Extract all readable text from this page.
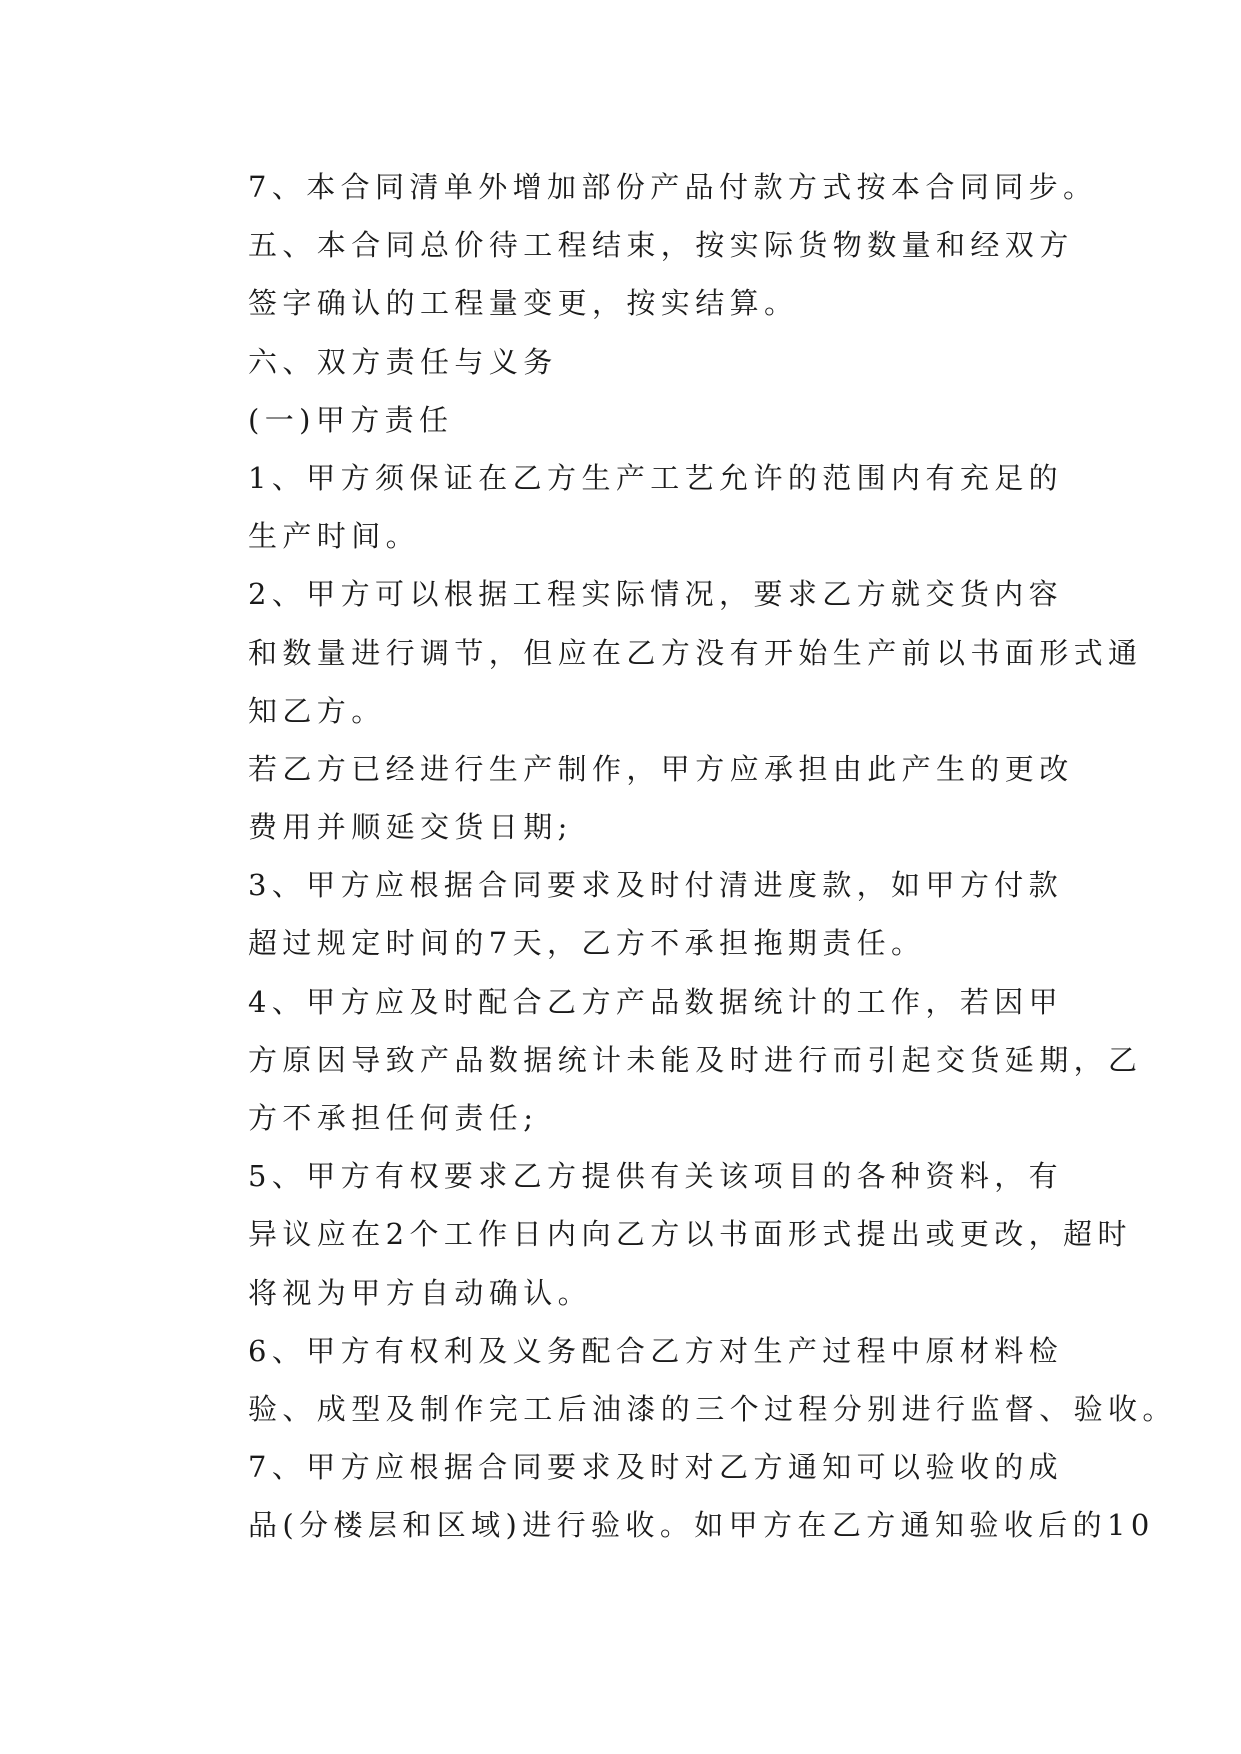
7、本合同清单外增加部份产品付款方式按本合同同步。
五、本合同总价待工程结束，按实际货物数量和经双方
签字确认的工程量变更，按实结算。
六、双方责任与义务
(一)甲方责任
1、甲方须保证在乙方生产工艺允许的范围内有充足的
生产时间。
2、甲方可以根据工程实际情况，要求乙方就交货内容
和数量进行调节，但应在乙方没有开始生产前以书面形式通
知乙方。
若乙方已经进行生产制作，甲方应承担由此产生的更改
费用并顺延交货日期;
3、甲方应根据合同要求及时付清进度款，如甲方付款
超过规定时间的7天，乙方不承担拖期责任。
4、甲方应及时配合乙方产品数据统计的工作，若因甲
方原因导致产品数据统计未能及时进行而引起交货延期，乙
方不承担任何责任;
5、甲方有权要求乙方提供有关该项目的各种资料，有
异议应在2个工作日内向乙方以书面形式提出或更改，超时
将视为甲方自动确认。
6、甲方有权利及义务配合乙方对生产过程中原材料检
验、成型及制作完工后油漆的三个过程分别进行监督、验收。
7、甲方应根据合同要求及时对乙方通知可以验收的成
品(分楼层和区域)进行验收。如甲方在乙方通知验收后的10
